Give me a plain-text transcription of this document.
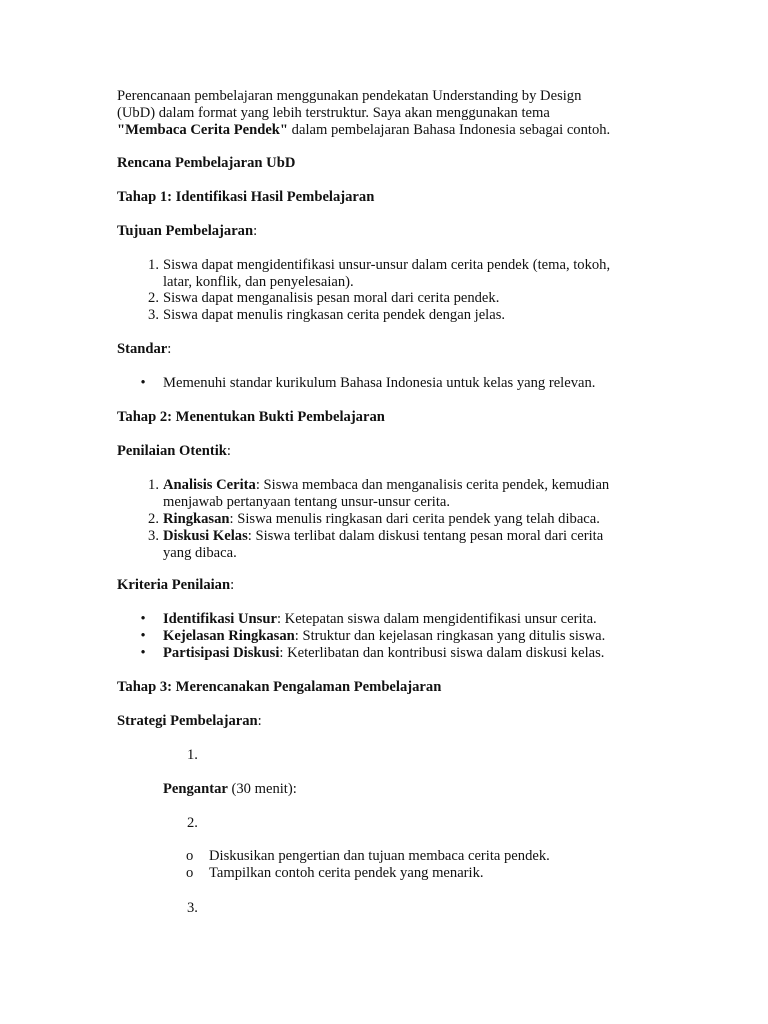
Perencanaan pembelajaran menggunakan pendekatan Understanding by Design
(UbD) dalam format yang lebih terstruktur. Saya akan menggunakan tema
"Membaca Cerita Pendek" dalam pembelajaran Bahasa Indonesia sebagai contoh.

Rencana Pembelajaran UbD

Tahap 1: Identifikasi Hasil Pembelajaran

Tujuan Pembelajaran:

1. Siswa dapat mengidentifikasi unsur-unsur dalam cerita pendek (tema, tokoh,
latar, konflik, dan penyelesaian).
2. Siswa dapat menganalisis pesan moral dari cerita pendek.
3. Siswa dapat menulis ringkasan cerita pendek dengan jelas.

Standar:

• Memenuhi standar kurikulum Bahasa Indonesia untuk kelas yang relevan.

Tahap 2: Menentukan Bukti Pembelajaran

Penilaian Otentik:

1. Analisis Cerita: Siswa membaca dan menganalisis cerita pendek, kemudian
menjawab pertanyaan tentang unsur-unsur cerita.
2. Ringkasan: Siswa menulis ringkasan dari cerita pendek yang telah dibaca.
3. Diskusi Kelas: Siswa terlibat dalam diskusi tentang pesan moral dari cerita
yang dibaca.

Kriteria Penilaian:

• Identifikasi Unsur: Ketepatan siswa dalam mengidentifikasi unsur cerita.
• Kejelasan Ringkasan: Struktur dan kejelasan ringkasan yang ditulis siswa.
• Partisipasi Diskusi: Keterlibatan dan kontribusi siswa dalam diskusi kelas.

Tahap 3: Merencanakan Pengalaman Pembelajaran

Strategi Pembelajaran:

1.

Pengantar (30 menit):

2.
o	Diskusikan pengertian dan tujuan membaca cerita pendek.
o	Tampilkan contoh cerita pendek yang menarik.
3.
